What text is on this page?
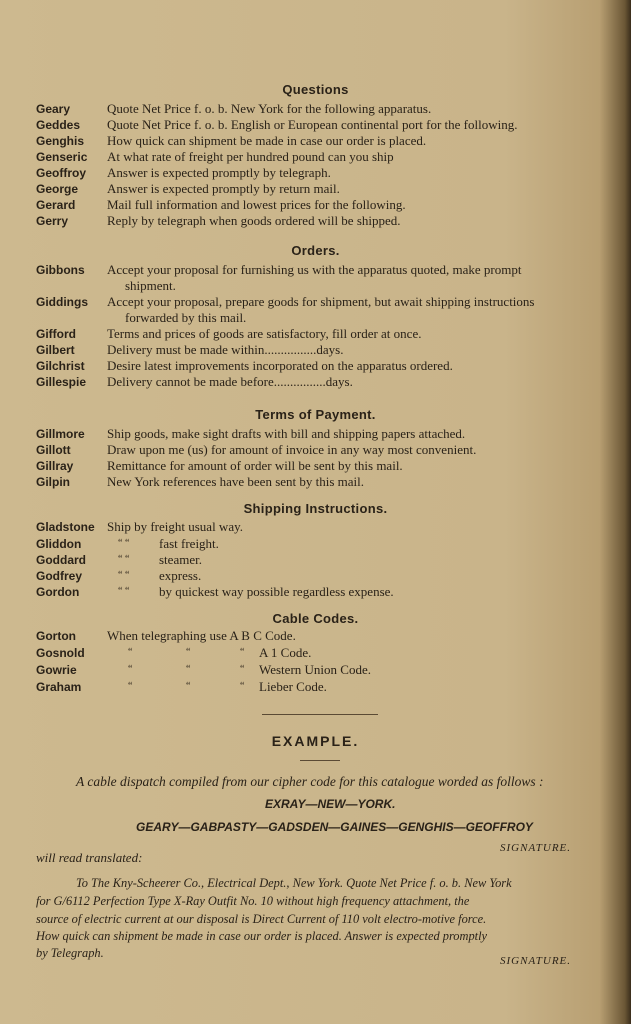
Questions
Geary	Quote Net Price f. o. b. New York for the following apparatus.
Geddes Quote Net Price f. o. b. English or European continental port for the following.
Genghis How quick can shipment be made in case our order is placed.
Genseric At what rate of freight per hundred pound can you ship
Geoffroy Answer is expected promptly by telegraph.
George Answer is expected promptly by return mail.
Gerard Mail full information and lowest prices for the following.
Gerry	Reply by telegraph when goods ordered will be shipped.
Orders.
Gibbons Accept your proposal for furnishing us with the apparatus quoted, make prompt
shipment.
Giddings Accept your proposal, prepare goods for shipment, but await shipping instructions
forwarded by this mail.
Gifford Terms and prices of goods are satisfactory, fill order at once.
Gilbert Delivery must be made within................days.
Gilchrist Desire latest improvements incorporated on the apparatus ordered.
Gillespie Delivery cannot be made before................days.
Terms of Payment.
Gillmore Ship goods, make sight drafts with bill and shipping papers attached.
Gillott	Draw upon me (us) for amount of invoice in any way most convenient.
Gillray	Remittance for amount of order will be sent by this mail.
Gilpin	New York references have been sent by this mail.
Shipping Instructions.
Gladstone Ship by freight usual way.
Gliddon	“ “ fast freight.
Goddard	“ “ steamer.
Godfrey	“ “ express.
Gordon	“ “ by quickest way possible regardless expense.
Cable Codes.
Gorton When telegraphing use A B C Code.
Gosnold	“	“	“ A 1 Code.
Gowrie	“	“	“ Western Union Code.
Graham	“	“	“ Lieber Code.
EXAMPLE.
A cable dispatch compiled from our cipher code for this catalogue worded as follows :
EXRAY—NEW—YORK.
GEARY—GABPASTY—GADSDEN—GAINES—GENGHIS—GEOFFROY
SIGNATURE.
will read translated:
To The Kny-Scheerer Co., Electrical Dept., New York. Quote Net Price f. o. b. New York
for G/6112 Perfection Type X-Ray Outfit No. 10 without high frequency attachment, the
source of electric current at our disposal is Direct Current of 110 volt electro-motive force.
How quick can shipment be made in case our order is placed. Answer is expected promptly
by Telegraph.
SIGNATURE.
